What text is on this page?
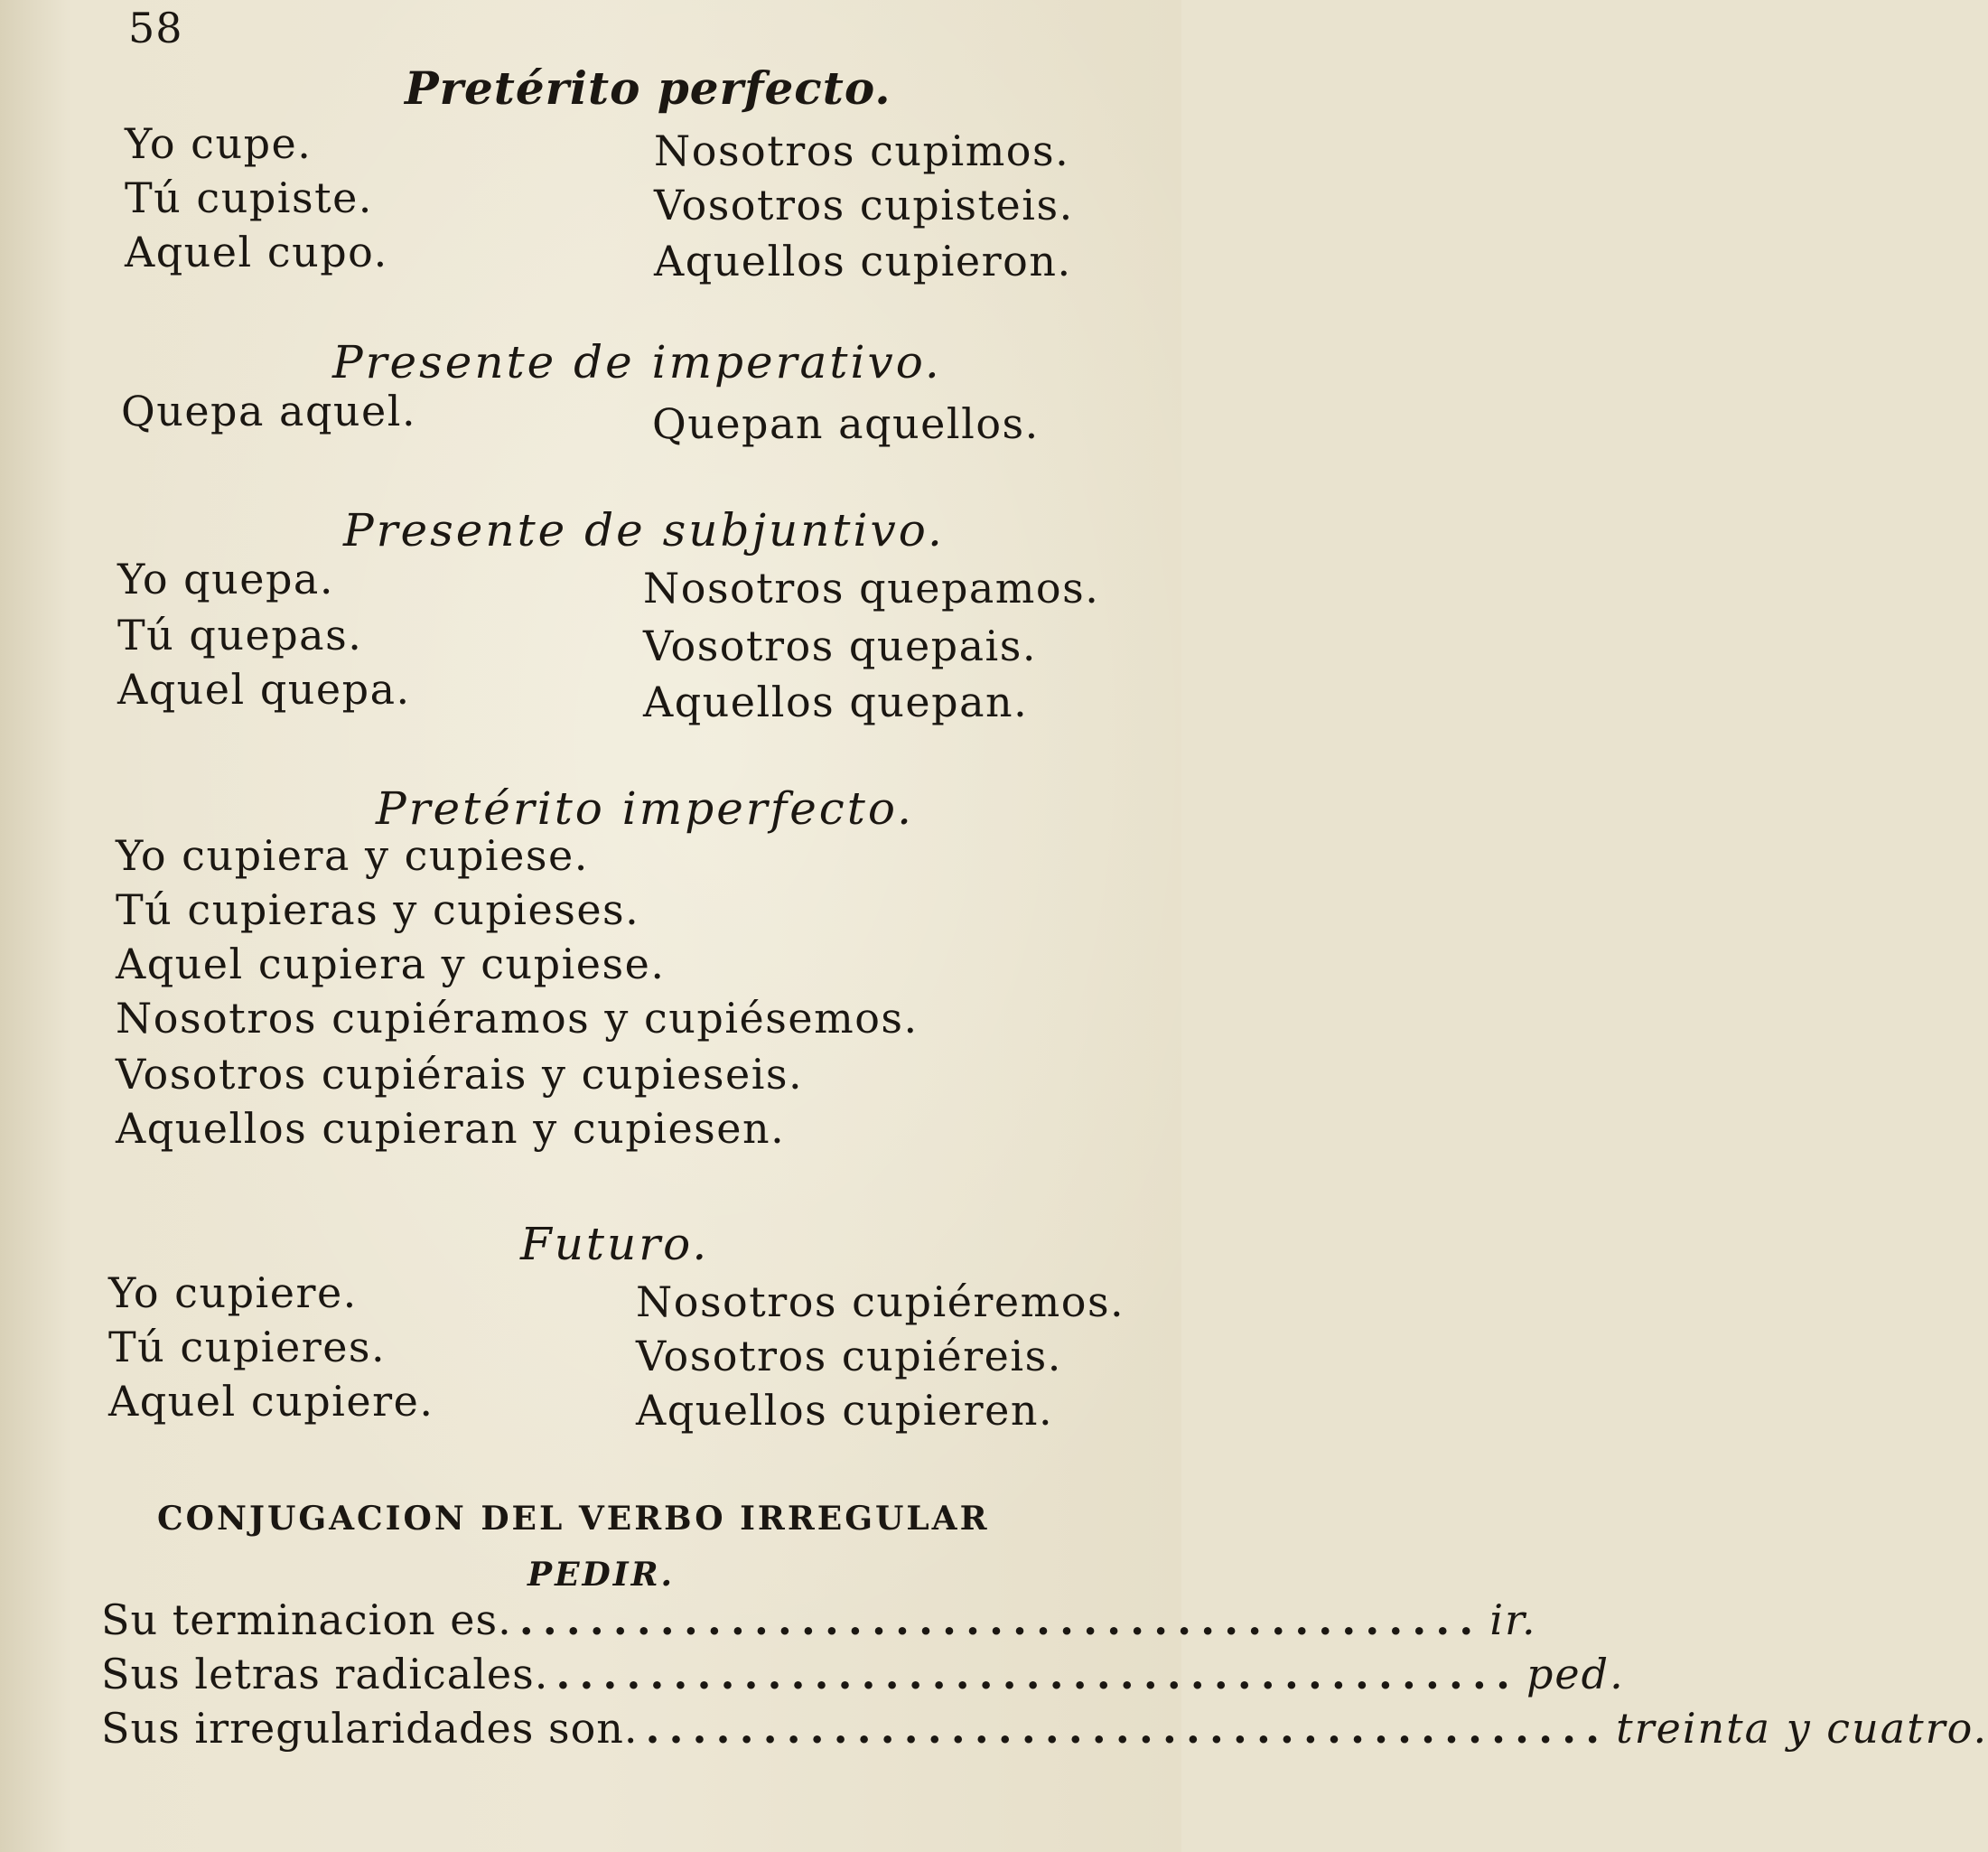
58
Pretérito perfecto.
Yo cupe.
Tú cupiste.
Aquel cupo.
Nosotros cupimos.
Vosotros cupisteis.
Aquellos cupieron.
Presente de imperativo.
Quepa aquel.	Quepan aquellos.
Presente de subjuntivo.
Yo quepa.
Tú quepas.
Aquel quepa.
Nosotros quepamos.
Vosotros quepais.
Aquellos quepan.
Pretérito imperfecto.
Yo cupiera y cupiese.
Tú cupieras y cupieses.
Aquel cupiera y cupiese.
Nosotros cupiéramos y cupiésemos.
Vosotros cupiérais y cupieseis.
Aquellos cupieran y cupiesen.
Futuro.
Yo cupiere.
Tú cupieres.
Aquel cupiere.
Nosotros cupiéremos.
Vosotros cupiéreis.
Aquellos cupieren.
CONJUGACION DEL VERBO IRREGULAR
PEDIR.
Su terminacion es. ......................................... ir.
Sus letras radicales. ......................................... ped.
Sus irregularidades son. ......................................... treinta y cuatro.
